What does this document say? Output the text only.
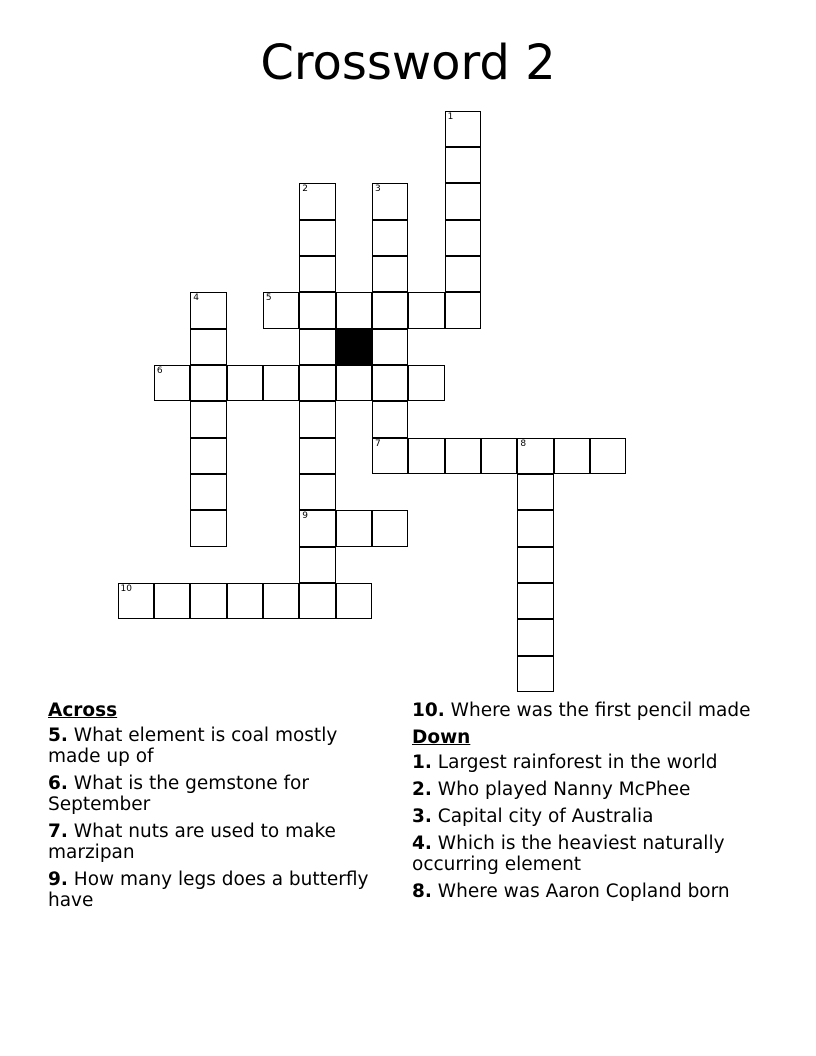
Crossword 2
1
2
9
3
7
4	5
6
8
10
Across
5. What element is coal mostly made up of
6. What is the gemstone for September
7. What nuts are used to make marzipan
9. How many legs does a butterfly have
10. Where was the first pencil made
Down
1. Largest rainforest in the world
2. Who played Nanny McPhee
3. Capital city of Australia
4. Which is the heaviest naturally occurring element
8. Where was Aaron Copland born
